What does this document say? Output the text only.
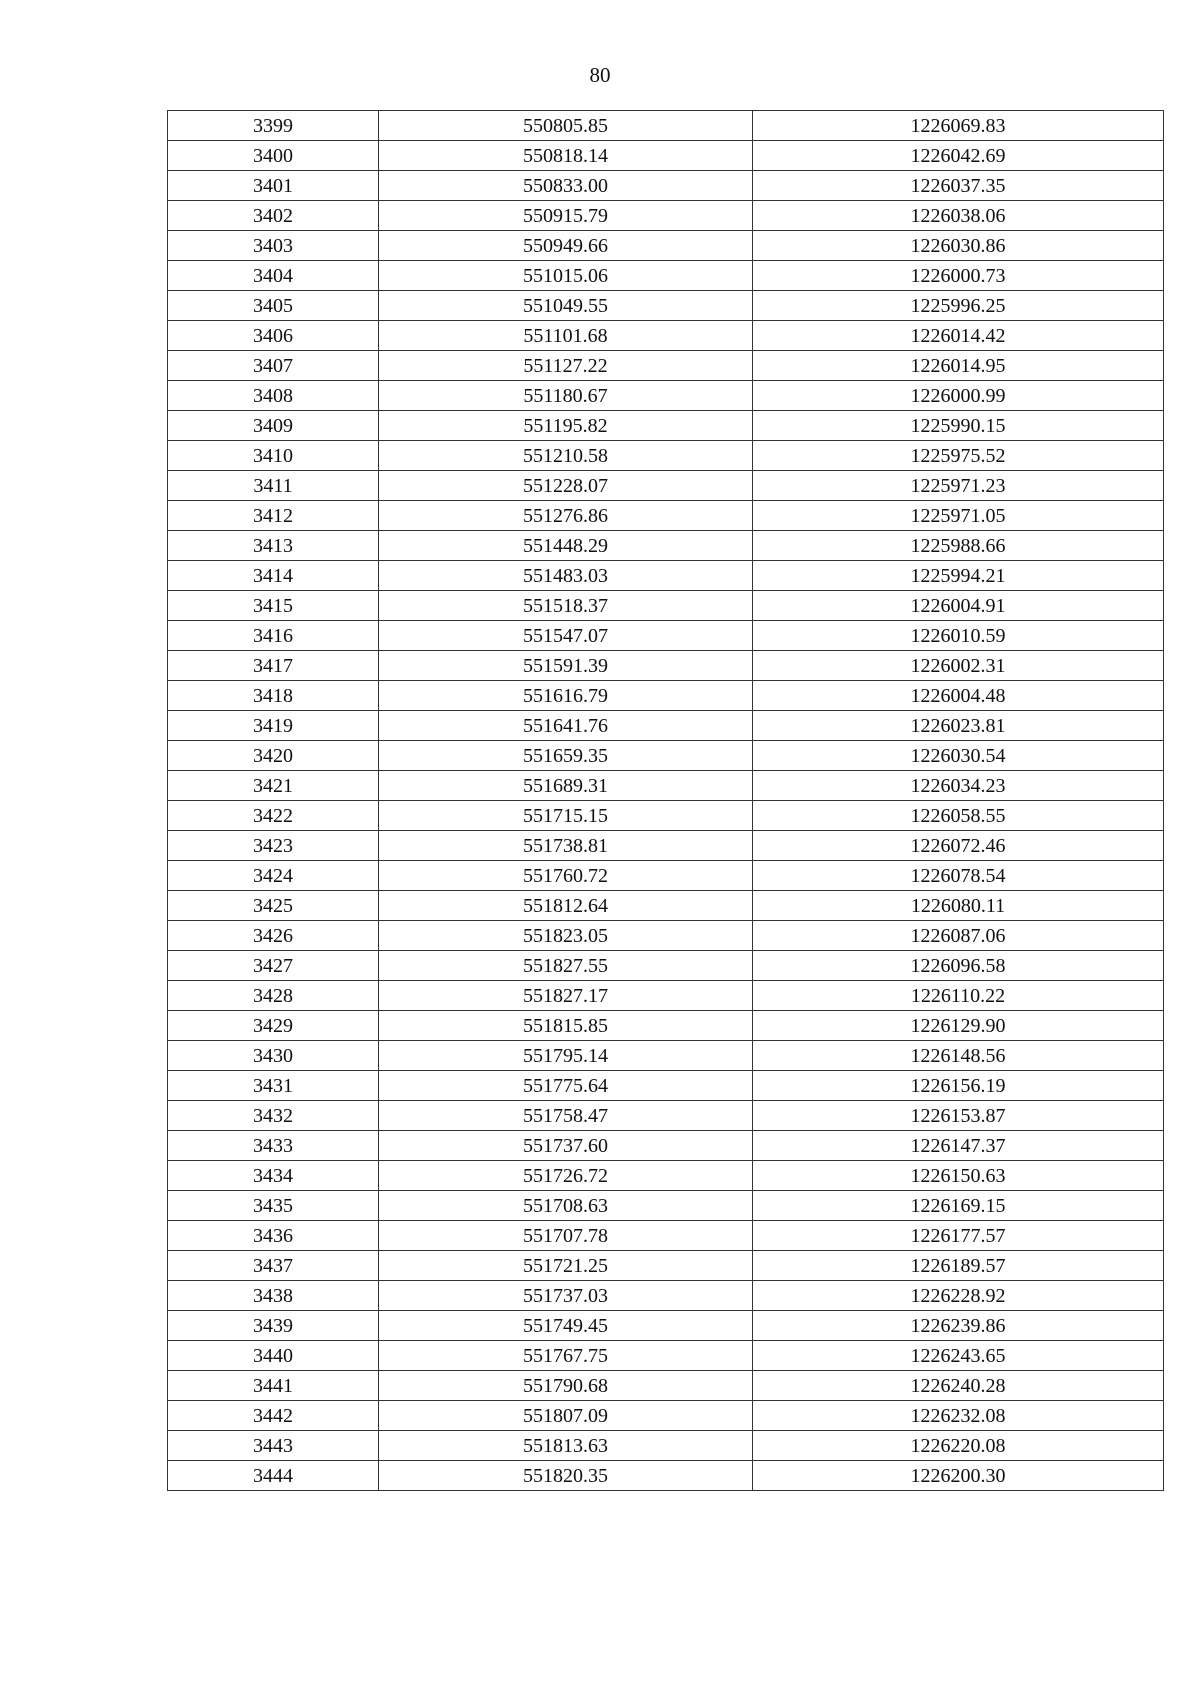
80
3399	550805.85	1226069.83
3400	550818.14	1226042.69
3401	550833.00	1226037.35
3402	550915.79	1226038.06
3403	550949.66	1226030.86
3404	551015.06	1226000.73
3405	551049.55	1225996.25
3406	551101.68	1226014.42
3407	551127.22	1226014.95
3408	551180.67	1226000.99
3409	551195.82	1225990.15
3410	551210.58	1225975.52
3411	551228.07	1225971.23
3412	551276.86	1225971.05
3413	551448.29	1225988.66
3414	551483.03	1225994.21
3415	551518.37	1226004.91
3416	551547.07	1226010.59
3417	551591.39	1226002.31
3418	551616.79	1226004.48
3419	551641.76	1226023.81
3420	551659.35	1226030.54
3421	551689.31	1226034.23
3422	551715.15	1226058.55
3423	551738.81	1226072.46
3424	551760.72	1226078.54
3425	551812.64	1226080.11
3426	551823.05	1226087.06
3427	551827.55	1226096.58
3428	551827.17	1226110.22
3429	551815.85	1226129.90
3430	551795.14	1226148.56
3431	551775.64	1226156.19
3432	551758.47	1226153.87
3433	551737.60	1226147.37
3434	551726.72	1226150.63
3435	551708.63	1226169.15
3436	551707.78	1226177.57
3437	551721.25	1226189.57
3438	551737.03	1226228.92
3439	551749.45	1226239.86
3440	551767.75	1226243.65
3441	551790.68	1226240.28
3442	551807.09	1226232.08
3443	551813.63	1226220.08
3444	551820.35	1226200.30
